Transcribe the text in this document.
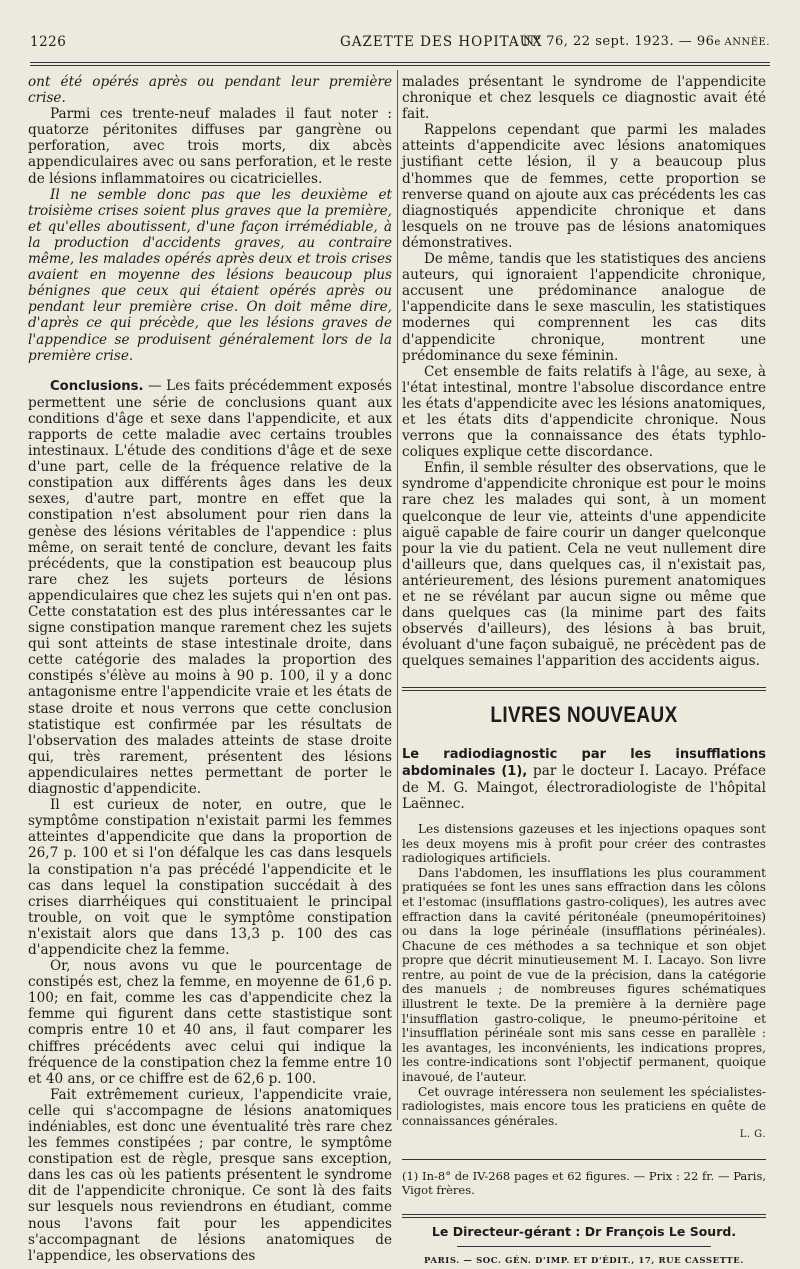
1226	GAZETTE DES HOPITAUX
N° 76, 22 sept. 1923. — 96e ANNÉE.

ont été opérés après ou pendant leur première crise.

Parmi ces trente-neuf malades il faut noter : quatorze péritonites diffuses par gangrène ou perforation, avec trois morts, dix abcès appendiculaires avec ou sans perforation, et le reste de lésions inflammatoires ou cicatricielles.

Il ne semble donc pas que les deuxième et troisième crises soient plus graves que la première, et qu'elles aboutissent, d'une façon irrémédiable, à la production d'accidents graves, au contraire même, les malades opérés après deux et trois crises avaient en moyenne des lésions beaucoup plus bénignes que ceux qui étaient opérés après ou pendant leur première crise. On doit même dire, d'après ce qui précède, que les lésions graves de l'appendice se produisent généralement lors de la première crise.

Conclusions. — Les faits précédemment exposés permettent une série de conclusions quant aux conditions d'âge et sexe dans l'appendicite, et aux rapports de cette maladie avec certains troubles intestinaux. L'étude des conditions d'âge et de sexe d'une part, celle de la fréquence relative de la constipation aux différents âges dans les deux sexes, d'autre part, montre en effet que la constipation n'est absolument pour rien dans la genèse des lésions véritables de l'appendice : plus même, on serait tenté de conclure, devant les faits précédents, que la constipation est beaucoup plus rare chez les sujets porteurs de lésions appendiculaires que chez les sujets qui n'en ont pas. Cette constatation est des plus intéressantes car le signe constipation manque rarement chez les sujets qui sont atteints de stase intestinale droite, dans cette catégorie des malades la proportion des constipés s'élève au moins à 90 p. 100, il y a donc antagonisme entre l'appendicite vraie et les états de stase droite et nous verrons que cette conclusion statistique est confirmée par les résultats de l'observation des malades atteints de stase droite qui, très rarement, présentent des lésions appendiculaires nettes permettant de porter le diagnostic d'appendicite.

Il est curieux de noter, en outre, que le symptôme constipation n'existait parmi les femmes atteintes d'appendicite que dans la proportion de 26,7 p. 100 et si l'on défalque les cas dans lesquels la constipation n'a pas précédé l'appendicite et le cas dans lequel la constipation succédait à des crises diarrhéiques qui constituaient le principal trouble, on voit que le symptôme constipation n'existait alors que dans 13,3 p. 100 des cas d'appendicite chez la femme.

Or, nous avons vu que le pourcentage de constipés est, chez la femme, en moyenne de 61,6 p. 100; en fait, comme les cas d'appendicite chez la femme qui figurent dans cette stastistique sont compris entre 10 et 40 ans, il faut comparer les chiffres précédents avec celui qui indique la fréquence de la constipation chez la femme entre 10 et 40 ans, or ce chiffre est de 62,6 p. 100.

Fait extrêmement curieux, l'appendicite vraie, celle qui s'accompagne de lésions anatomiques indéniables, est donc une éventualité très rare chez les femmes constipées ; par contre, le symptôme constipation est de règle, presque sans exception, dans les cas où les patients présentent le syndrome dit de l'appendicite chronique. Ce sont là des faits sur lesquels nous reviendrons en étudiant, comme nous l'avons fait pour les appendicites s'accompagnant de lésions anatomiques de l'appendice, les observations des

malades présentant le syndrome de l'appendicite chronique et chez lesquels ce diagnostic avait été fait.

Rappelons cependant que parmi les malades atteints d'appendicite avec lésions anatomiques justifiant cette lésion, il y a beaucoup plus d'hommes que de femmes, cette proportion se renverse quand on ajoute aux cas précédents les cas diagnostiqués appendicite chronique et dans lesquels on ne trouve pas de lésions anatomiques démonstratives.

De même, tandis que les statistiques des anciens auteurs, qui ignoraient l'appendicite chronique, accusent une prédominance analogue de l'appendicite dans le sexe masculin, les statistiques modernes qui comprennent les cas dits d'appendicite chronique, montrent une prédominance du sexe féminin.

Cet ensemble de faits relatifs à l'âge, au sexe, à l'état intestinal, montre l'absolue discordance entre les états d'appendicite avec les lésions anatomiques, et les états dits d'appendicite chronique. Nous verrons que la connaissance des états typhlo-coliques explique cette discordance.

Enfin, il semble résulter des observations, que le syndrome d'appendicite chronique est pour le moins rare chez les malades qui sont, à un moment quelconque de leur vie, atteints d'une appendicite aiguë capable de faire courir un danger quelconque pour la vie du patient. Cela ne veut nullement dire d'ailleurs que, dans quelques cas, il n'existait pas, antérieurement, des lésions purement anatomiques et ne se révélant par aucun signe ou même que dans quelques cas (la minime part des faits observés d'ailleurs), des lésions à bas bruit, évoluant d'une façon subaiguë, ne précèdent pas de quelques semaines l'apparition des accidents aigus.

LIVRES NOUVEAUX

Le radiodiagnostic par les insufflations abdominales (1), par le docteur I. Lacayo. Préface de M. G. Maingot, électroradiologiste de l'hôpital Laënnec.

Les distensions gazeuses et les injections opaques sont les deux moyens mis à profit pour créer des contrastes radiologiques artificiels.

Dans l'abdomen, les insufflations les plus couramment pratiquées se font les unes sans effraction dans les côlons et l'estomac (insufflations gastro-coliques), les autres avec effraction dans la cavité péritonéale (pneumopéritoines) ou dans la loge périnéale (insufflations périnéales). Chacune de ces méthodes a sa technique et son objet propre que décrit minutieusement M. I. Lacayo. Son livre rentre, au point de vue de la précision, dans la catégorie des manuels ; de nombreuses figures schématiques illustrent le texte. De la première à la dernière page l'insufflation gastro-colique, le pneumo-péritoine et l'insufflation périnéale sont mis sans cesse en parallèle : les avantages, les inconvénients, les indications propres, les contre-indications sont l'objectif permanent, quoique inavoué, de l'auteur.

Cet ouvrage intéressera non seulement les spécialistes-radiologistes, mais encore tous les praticiens en quête de connaissances générales.

L. G.
(1) In-8° de IV-268 pages et 62 figures. — Prix : 22 fr. — Paris, Vigot frères.
Le Directeur-gérant : Dr François Le Sourd.
PARIS. — SOC. GÉN. D'IMP. ET D'ÉDIT., 17, RUE CASSETTE.
